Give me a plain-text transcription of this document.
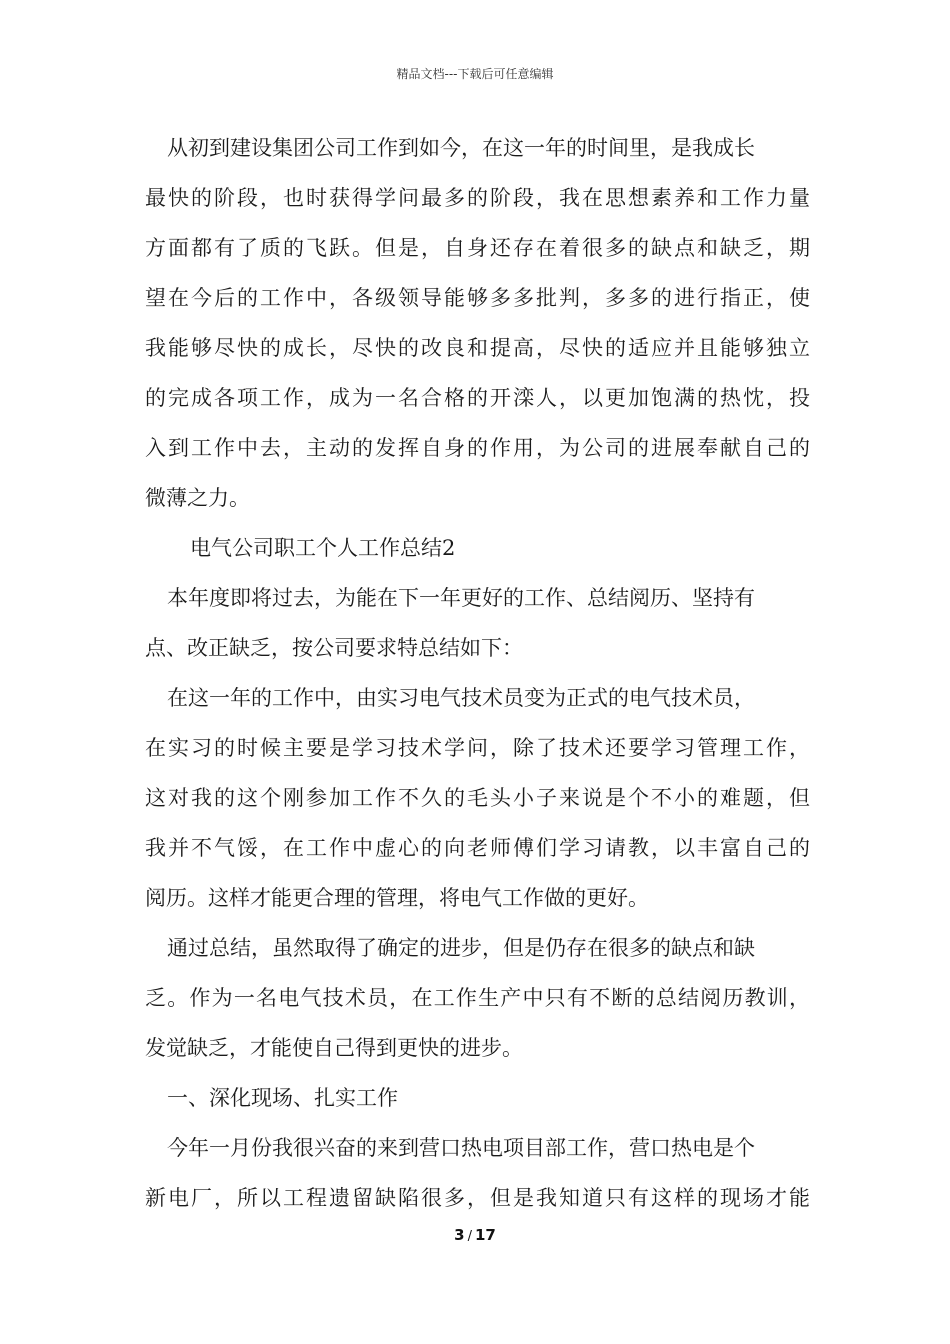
精品文档---下载后可任意编辑
从初到建设集团公司工作到如今，在这一年的时间里，是我成长
最快的阶段，也时获得学问最多的阶段，我在思想素养和工作力量
方面都有了质的飞跃。但是，自身还存在着很多的缺点和缺乏，期
望在今后的工作中，各级领导能够多多批判，多多的进行指正，使
我能够尽快的成长，尽快的改良和提高，尽快的适应并且能够独立
的完成各项工作，成为一名合格的开滦人，以更加饱满的热忱，投
入到工作中去，主动的发挥自身的作用，为公司的进展奉献自己的
微薄之力。
电气公司职工个人工作总结2
本年度即将过去，为能在下一年更好的工作、总结阅历、坚持有
点、改正缺乏，按公司要求特总结如下：
在这一年的工作中，由实习电气技术员变为正式的电气技术员，
在实习的时候主要是学习技术学问，除了技术还要学习管理工作，
这对我的这个刚参加工作不久的毛头小子来说是个不小的难题，但
我并不气馁，在工作中虚心的向老师傅们学习请教，以丰富自己的
阅历。这样才能更合理的管理，将电气工作做的更好。
通过总结，虽然取得了确定的进步，但是仍存在很多的缺点和缺
乏。作为一名电气技术员，在工作生产中只有不断的总结阅历教训，
发觉缺乏，才能使自己得到更快的进步。
一、深化现场、扎实工作
今年一月份我很兴奋的来到营口热电项目部工作，营口热电是个
新电厂，所以工程遗留缺陷很多，但是我知道只有这样的现场才能
3 / 17
